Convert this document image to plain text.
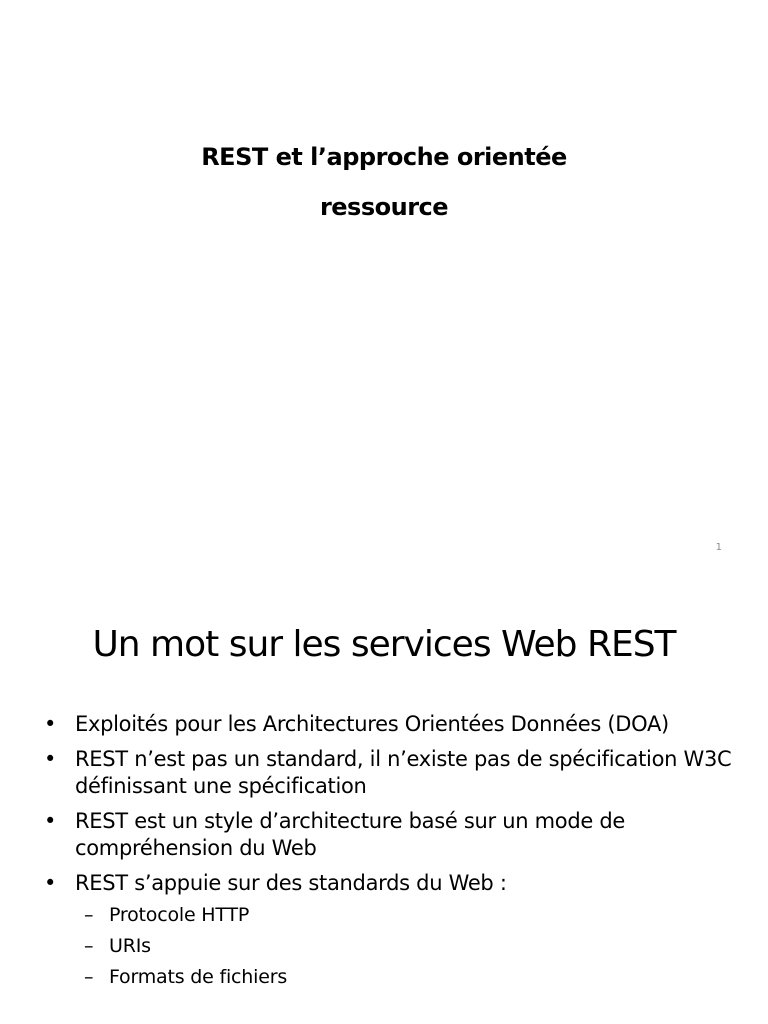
REST et l’approche orientée
ressource
1
Un mot sur les services Web REST
• Exploités pour les Architectures Orientées Données (DOA)
• REST n’est pas un standard, il n’existe pas de spécification W3C définissant une spécification
• REST est un style d’architecture basé sur un mode de compréhension du Web
• REST s’appuie sur des standards du Web :
– Protocole HTTP
– URIs
– Formats de fichiers
